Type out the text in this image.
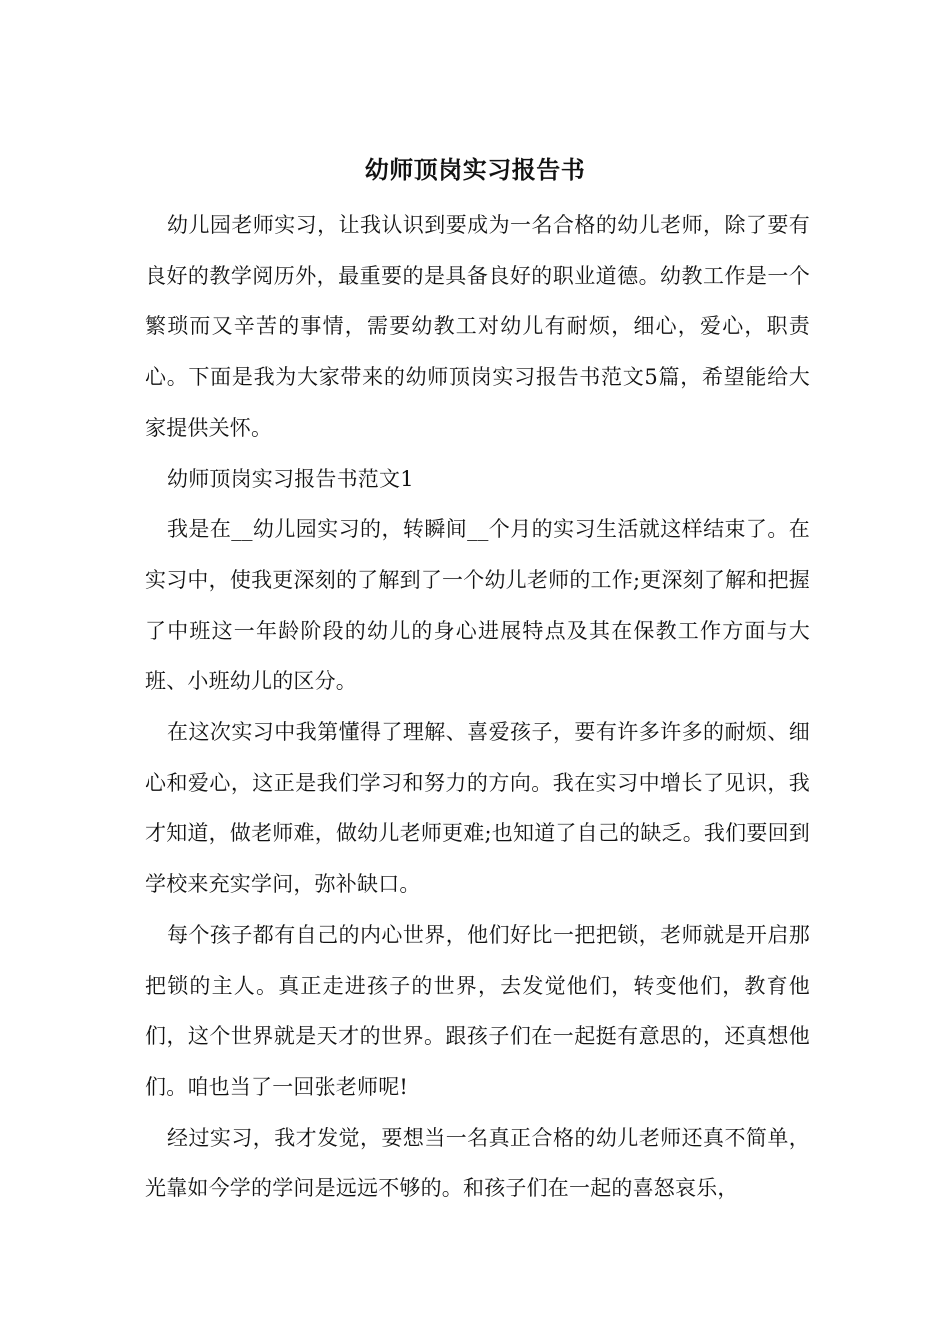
幼师顶岗实习报告书

幼儿园老师实习，让我认识到要成为一名合格的幼儿老师，除了要有良好的教学阅历外，最重要的是具备良好的职业道德。幼教工作是一个繁琐而又辛苦的事情，需要幼教工对幼儿有耐烦，细心，爱心，职责心。下面是我为大家带来的幼师顶岗实习报告书范文5篇，希望能给大家提供关怀。

幼师顶岗实习报告书范文1

我是在__幼儿园实习的，转瞬间__个月的实习生活就这样结束了。在实习中，使我更深刻的了解到了一个幼儿老师的工作;更深刻了解和把握了中班这一年龄阶段的幼儿的身心进展特点及其在保教工作方面与大班、小班幼儿的区分。

在这次实习中我第懂得了理解、喜爱孩子，要有许多许多的耐烦、细心和爱心，这正是我们学习和努力的方向。我在实习中增长了见识，我才知道，做老师难，做幼儿老师更难;也知道了自己的缺乏。我们要回到学校来充实学问，弥补缺口。

每个孩子都有自己的内心世界，他们好比一把把锁，老师就是开启那把锁的主人。真正走进孩子的世界，去发觉他们，转变他们，教育他们，这个世界就是天才的世界。跟孩子们在一起挺有意思的，还真想他们。咱也当了一回张老师呢!

经过实习，我才发觉，要想当一名真正合格的幼儿老师还真不简单，光靠如今学的学问是远远不够的。和孩子们在一起的喜怒哀乐，
